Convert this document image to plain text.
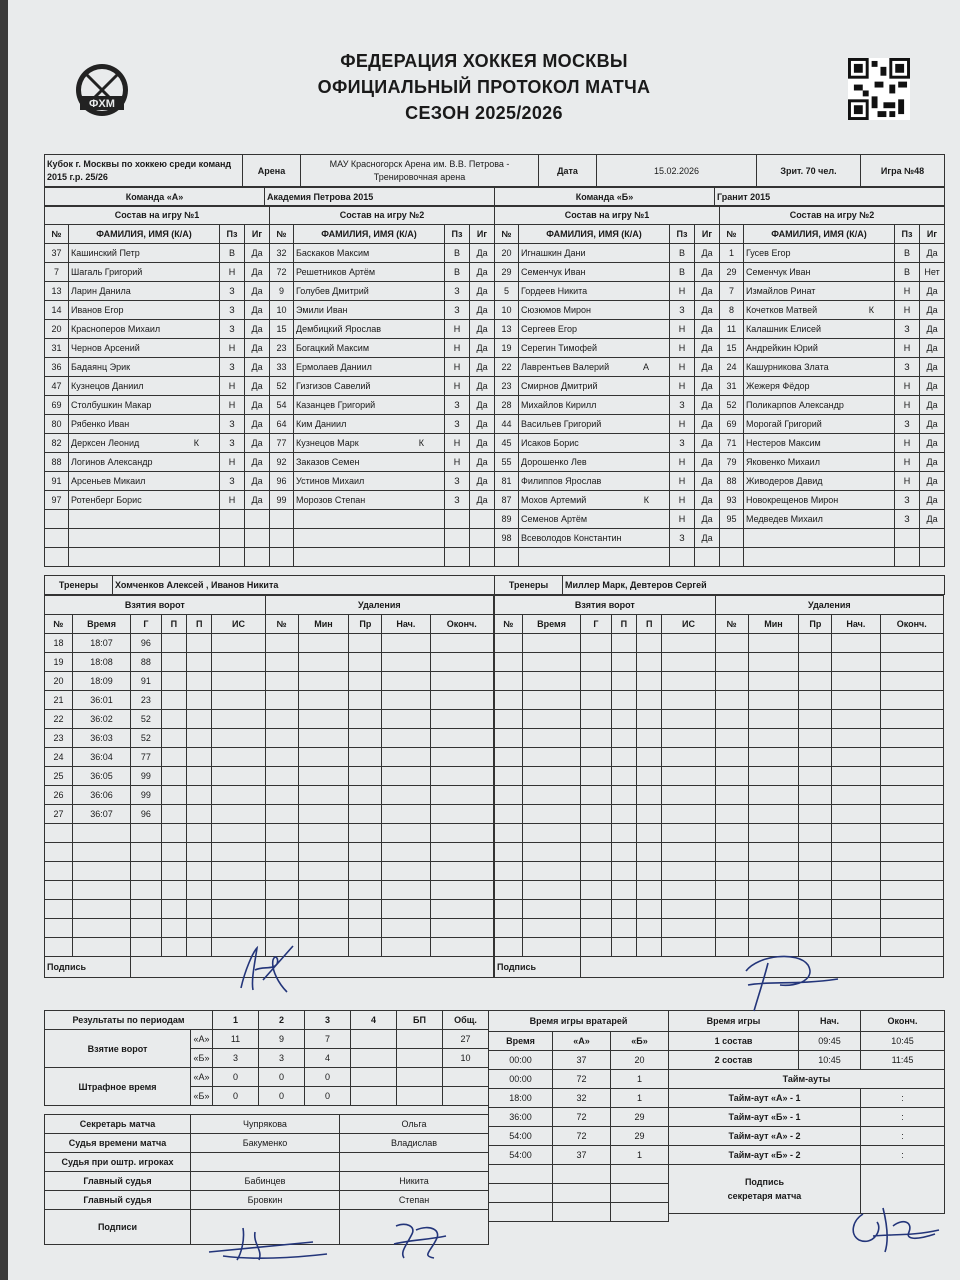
ФХМ
ФЕДЕРАЦИЯ ХОККЕЯ МОСКВЫ
ОФИЦИАЛЬНЫЙ ПРОТОКОЛ МАТЧА
СЕЗОН 2025/2026
Кубок г. Москвы по хоккею среди команд 2015 г.р. 25/26	Арена	МАУ Красногорск Арена им. В.В. Петрова - Тренировочная арена	Дата	15.02.2026	Зрит. 70 чел.	Игра №48
Команда «А»	Академия Петрова 2015	Команда «Б»	Гранит 2015
Состав на игру №1			
№	ФАМИЛИЯ, ИМЯ (К/А)	Пз	Иг
37	Кашинский Петр	В	Да
7	Шагаль Григорий	Н	Да
13	Ларин Данила	З	Да
14	Иванов Егор	З	Да
20	Красноперов Михаил	З	Да
31	Чернов Арсений	Н	Да
36	Бадаянц Эрик	З	Да
47	Кузнецов Даниил	Н	Да
69	Столбушкин Макар	Н	Да
80	Рябенко Иван	З	Да
82	Дерксен Леонид К	З	Да
88	Логинов Александр	Н	Да
91	Арсеньев Микаил	З	Да
97	Ротенберг Борис	Н	Да

Состав на игру №2			
№	ФАМИЛИЯ, ИМЯ (К/А)	Пз	Иг
32	Баскаков Максим	В	Да
72	Решетников Артём	В	Да
9	Голубев Дмитрий	З	Да
10	Эмили Иван	З	Да
15	Дембицкий Ярослав	Н	Да
23	Богацкий Максим	Н	Да
33	Ермолаев Даниил	Н	Да
52	Гизгизов Савелий	Н	Да
54	Казанцев Григорий	З	Да
64	Ким Даниил	З	Да
77	Кузнецов Марк К	Н	Да
92	Заказов Семен	Н	Да
96	Устинов Михаил	З	Да
99	Морозов Степан	З	Да

Состав на игру №1			
№	ФАМИЛИЯ, ИМЯ (К/А)	Пз	Иг
20	Игнашкин Дани	В	Да
29	Семенчук Иван	В	Да
5	Гордеев Никита	Н	Да
10	Сюзюмов Мирон	З	Да
13	Сергеев Егор	Н	Да
19	Серегин Тимофей	Н	Да
22	Лаврентьев Валерий А	Н	Да
23	Смирнов Дмитрий	Н	Да
28	Михайлов Кирилл	З	Да
44	Васильев Григорий	Н	Да
45	Исаков Борис	З	Да
55	Дорошенко Лев	Н	Да
81	Филиппов Ярослав	Н	Да
87	Мохов Артемий К	Н	Да
89	Семенов Артём	Н	Да
98	Всеволодов Константин	З	Да

Состав на игру №2			
№	ФАМИЛИЯ, ИМЯ (К/А)	Пз	Иг
1	Гусев Егор	В	Да
29	Семенчук Иван	В	Нет
7	Измайлов Ринат	Н	Да
8	Кочетков Матвей К	Н	Да
11	Калашник Елисей	З	Да
15	Андрейкин Юрий	Н	Да
24	Кашурникова Злата	З	Да
31	Жежеря Фёдор	Н	Да
52	Поликарпов Александр	Н	Да
69	Морогай Григорий	З	Да
71	Нестеров Максим	Н	Да
79	Яковенко Михаил	Н	Да
88	Живодеров Давид	Н	Да
93	Новокрещенов Мирон	З	Да
95	Медведев Михаил	З	Да

Тренеры	Хомченков Алексей , Иванов Никита	Тренеры	Миллер Марк, Девтеров Сергей
Взятия ворот						Удаления				
№	Время	Г	П	П	ИС	№	Мин	Пр	Нач.	Оконч.
18	18:07	96								
19	18:08	88								
20	18:09	91								
21	36:01	23								
22	36:02	52								
23	36:03	52								
24	36:04	77								
25	36:05	99								
26	36:06	99								
27	36:07	96								

Подпись										
Взятия ворот						Удаления				
№	Время	Г	П	П	ИС	№	Мин	Пр	Нач.	Оконч.

Подпись										
Результаты по периодам		1	2	3	4	БП	Общ.
Взятие ворот	«А»	11	9	7			27
	«Б»	3	3	4			10
Штрафное время	«А»	0	0	0			
	«Б»	0	0	0			
Секретарь матча	Чупрякова	Ольга
Судья времени матча	Бакуменко	Владислав
Судья при оштр. игроках		
Главный судья	Бабинцев	Никита
Главный судья	Бровкин	Степан
Подписи		
Время игры вратарей		
Время	«А»	«Б»
00:00	37	20
00:00	72	1
18:00	32	1
36:00	72	29
54:00	72	29
54:00	37	1

Время игры	Нач.	Оконч.
1 состав	09:45	10:45
2 состав	10:45	11:45
Тайм-ауты		
Тайм-аут «А» - 1		:
Тайм-аут «Б» - 1		:
Тайм-аут «А» - 2		:
Тайм-аут «Б» - 2		:
Подпись
секретаря матча		
